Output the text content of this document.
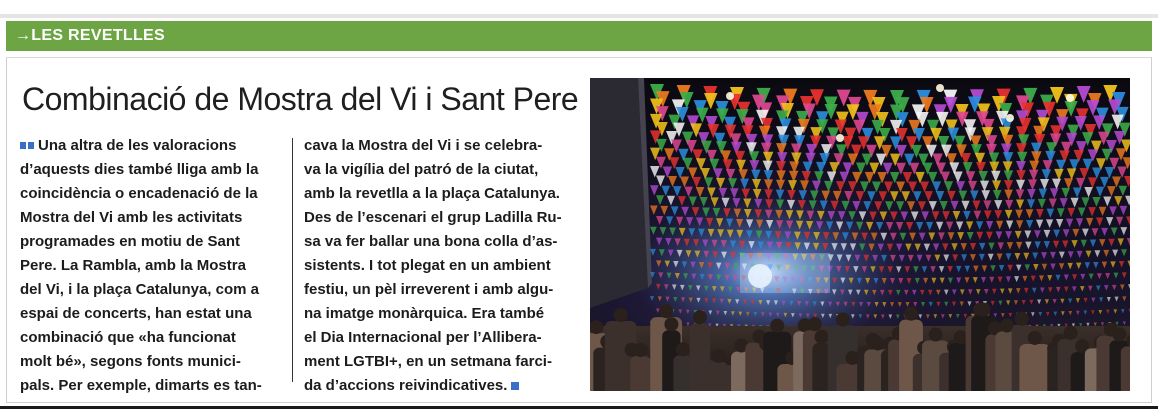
→LES REVETLLES
Combinació de Mostra del Vi i Sant Pere
Una altra de les valoracions
d’aquests dies també lliga amb la
coincidència o encadenació de la
Mostra del Vi amb les activitats
programades en motiu de Sant
Pere. La Rambla, amb la Mostra
del Vi, i la plaça Catalunya, com a
espai de concerts, han estat una
combinació que «ha funcionat
molt bé», segons fonts munici-
pals. Per exemple, dimarts es tan-
cava la Mostra del Vi i se celebra-
va la vigília del patró de la ciutat,
amb la revetlla a la plaça Catalunya.
Des de l’escenari el grup Ladilla Ru-
sa va fer ballar una bona colla d’as-
sistents. I tot plegat en un ambient
festiu, un pèl irreverent i amb algu-
na imatge monàrquica. Era també
el Dia Internacional per l’Allibera-
ment LGTBI+, en un setmana farci-
da d’accions reivindicatives.
